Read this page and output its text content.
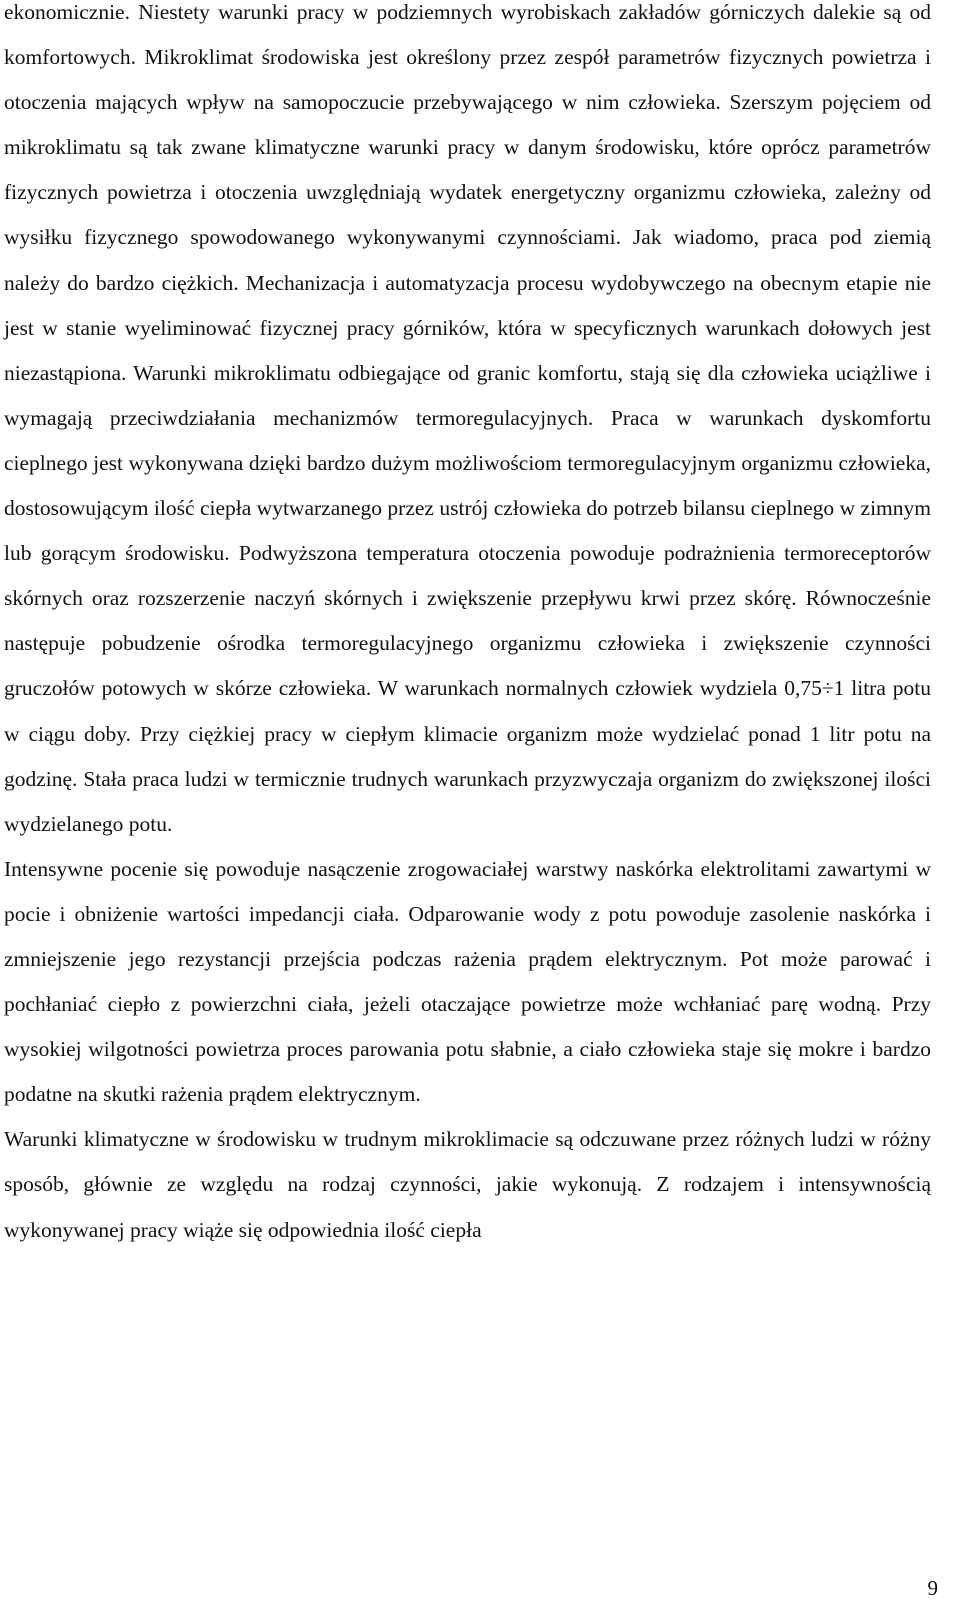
ekonomicznie. Niestety warunki pracy w podziemnych wyrobiskach zakładów górniczych dalekie są od komfortowych. Mikroklimat środowiska jest określony przez zespół parametrów fizycznych powietrza i otoczenia mających wpływ na samopoczucie przebywającego w nim człowieka. Szerszym pojęciem od mikroklimatu są tak zwane klimatyczne warunki pracy w danym środowisku, które oprócz parametrów fizycznych powietrza i otoczenia uwzględniają wydatek energetyczny organizmu człowieka, zależny od wysiłku fizycznego spowodowanego wykonywanymi czynnościami. Jak wiadomo, praca pod ziemią należy do bardzo ciężkich. Mechanizacja i automatyzacja procesu wydobywczego na obecnym etapie nie jest w stanie wyeliminować fizycznej pracy górników, która w specyficznych warunkach dołowych jest niezastąpiona. Warunki mikroklimatu odbiegające od granic komfortu, stają się dla człowieka uciążliwe i wymagają przeciwdziałania mechanizmów termoregulacyjnych. Praca w warunkach dyskomfortu cieplnego jest wykonywana dzięki bardzo dużym możliwościom termoregulacyjnym organizmu człowieka, dostosowującym ilość ciepła wytwarzanego przez ustrój człowieka do potrzeb bilansu cieplnego w zimnym lub gorącym środowisku. Podwyższona temperatura otoczenia powoduje podrażnienia termoreceptorów skórnych oraz rozszerzenie naczyń skórnych i zwiększenie przepływu krwi przez skórę. Równocześnie następuje pobudzenie ośrodka termoregulacyjnego organizmu człowieka i zwiększenie czynności gruczołów potowych w skórze człowieka. W warunkach normalnych człowiek wydziela 0,75÷1 litra potu w ciągu doby. Przy ciężkiej pracy w ciepłym klimacie organizm może wydzielać ponad 1 litr potu na godzinę. Stała praca ludzi w termicznie trudnych warunkach przyzwyczaja organizm do zwiększonej ilości wydzielanego potu.

Intensywne pocenie się powoduje nasączenie zrogowaciałej warstwy naskórka elektrolitami zawartymi w pocie i obniżenie wartości impedancji ciała. Odparowanie wody z potu powoduje zasolenie naskórka i zmniejszenie jego rezystancji przejścia podczas rażenia prądem elektrycznym. Pot może parować i pochłaniać ciepło z powierzchni ciała, jeżeli otaczające powietrze może wchłaniać parę wodną. Przy wysokiej wilgotności powietrza proces parowania potu słabnie, a ciało człowieka staje się mokre i bardzo podatne na skutki rażenia prądem elektrycznym.

Warunki klimatyczne w środowisku w trudnym mikroklimacie są odczuwane przez różnych ludzi w różny sposób, głównie ze względu na rodzaj czynności, jakie wykonują. Z rodzajem i intensywnością wykonywanej pracy wiąże się odpowiednia ilość ciepła

9
